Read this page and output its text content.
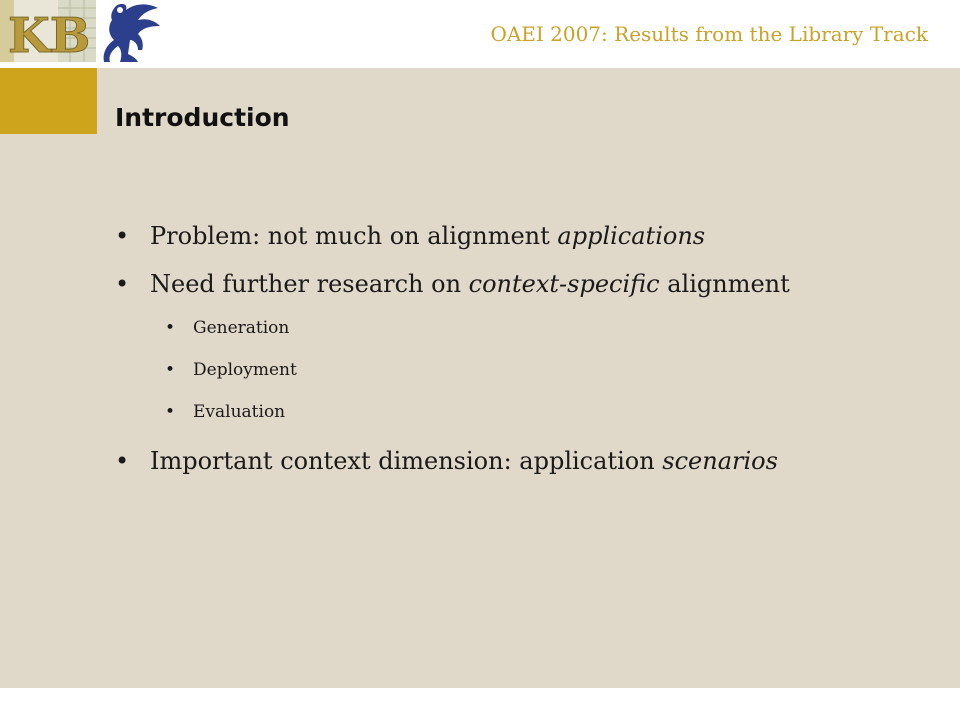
KB	OAEI 2007: Results from the Library Track
Introduction
• Problem: not much on alignment applications
• Need further research on context-specific alignment
• Generation
• Deployment
• Evaluation
• Important context dimension: application scenarios
